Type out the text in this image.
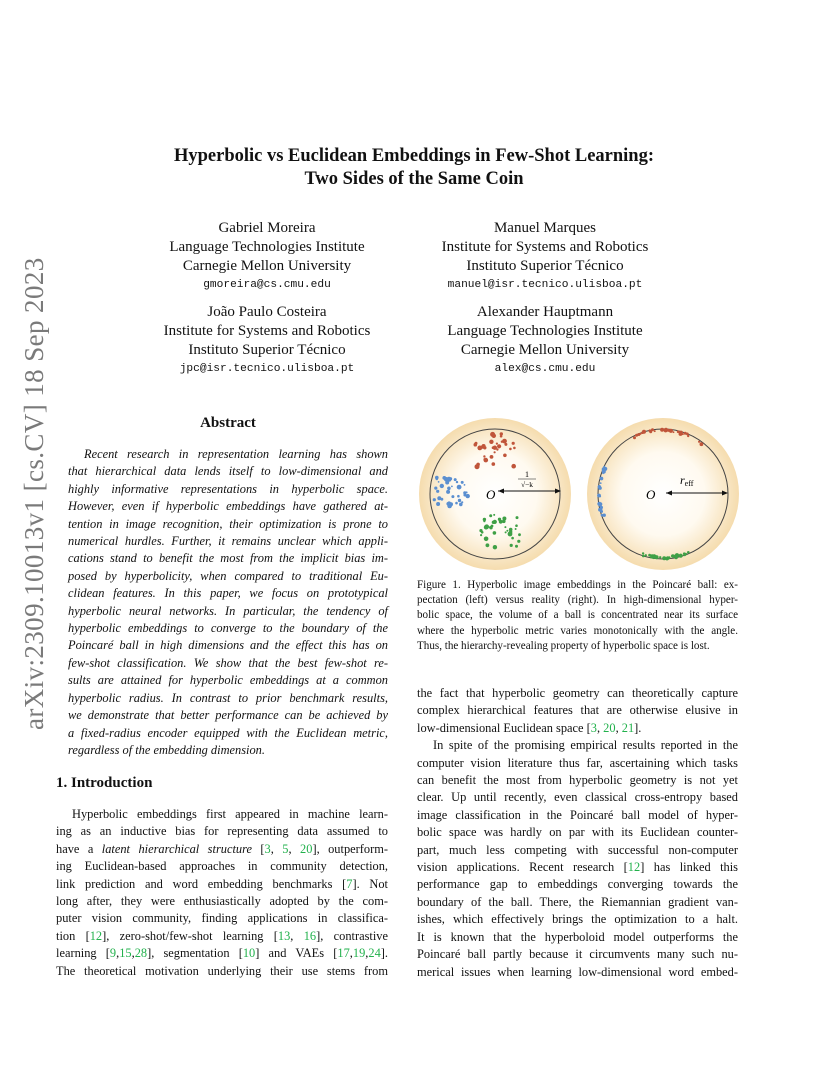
arXiv:2309.10013v1 [cs.CV] 18 Sep 2023
Hyperbolic vs Euclidean Embeddings in Few-Shot Learning:
Two Sides of the Same Coin
Gabriel Moreira
Language Technologies Institute
Carnegie Mellon University
gmoreira@cs.cmu.edu
Manuel Marques
Institute for Systems and Robotics
Instituto Superior Técnico
manuel@isr.tecnico.ulisboa.pt
João Paulo Costeira
Institute for Systems and Robotics
Instituto Superior Técnico
jpc@isr.tecnico.ulisboa.pt
Alexander Hauptmann
Language Technologies Institute
Carnegie Mellon University
alex@cs.cmu.edu
Abstract
Recent research in representation learning has shown
that hierarchical data lends itself to low-dimensional and
highly informative representations in hyperbolic space.
However, even if hyperbolic embeddings have gathered at-
tention in image recognition, their optimization is prone to
numerical hurdles. Further, it remains unclear which appli-
cations stand to benefit the most from the implicit bias im-
posed by hyperbolicity, when compared to traditional Eu-
clidean features. In this paper, we focus on prototypical
hyperbolic neural networks. In particular, the tendency of
hyperbolic embeddings to converge to the boundary of the
Poincaré ball in high dimensions and the effect this has on
few-shot classification. We show that the best few-shot re-
sults are attained for hyperbolic embeddings at a common
hyperbolic radius. In contrast to prior benchmark results,
we demonstrate that better performance can be achieved by
a fixed-radius encoder equipped with the Euclidean metric,
regardless of the embedding dimension.
1. Introduction
Hyperbolic embeddings first appeared in machine learn-
ing as an inductive bias for representing data assumed to
have a latent hierarchical structure [3, 5, 20], outperform-
ing Euclidean-based approaches in community detection,
link prediction and word embedding benchmarks [7]. Not
long after, they were enthusiastically adopted by the com-
puter vision community, finding applications in classifica-
tion [12], zero-shot/few-shot learning [13, 16], contrastive
learning [9,15,28], segmentation [10] and VAEs [17,19,24].
The theoretical motivation underlying their use stems from
O
1
√−k
O
reff
Figure 1. Hyperbolic image embeddings in the Poincaré ball: ex-
pectation (left) versus reality (right). In high-dimensional hyper-
bolic space, the volume of a ball is concentrated near its surface
where the hyperbolic metric varies monotonically with the angle.
Thus, the hierarchy-revealing property of hyperbolic space is lost.
the fact that hyperbolic geometry can theoretically capture
complex hierarchical features that are otherwise elusive in
low-dimensional Euclidean space [3, 20, 21].
In spite of the promising empirical results reported in the
computer vision literature thus far, ascertaining which tasks
can benefit the most from hyperbolic geometry is not yet
clear. Up until recently, even classical cross-entropy based
image classification in the Poincaré ball model of hyper-
bolic space was hardly on par with its Euclidean counter-
part, much less competing with successful non-computer
vision applications. Recent research [12] has linked this
performance gap to embeddings converging towards the
boundary of the ball. There, the Riemannian gradient van-
ishes, which effectively brings the optimization to a halt.
It is known that the hyperboloid model outperforms the
Poincaré ball partly because it circumvents many such nu-
merical issues when learning low-dimensional word embed-
